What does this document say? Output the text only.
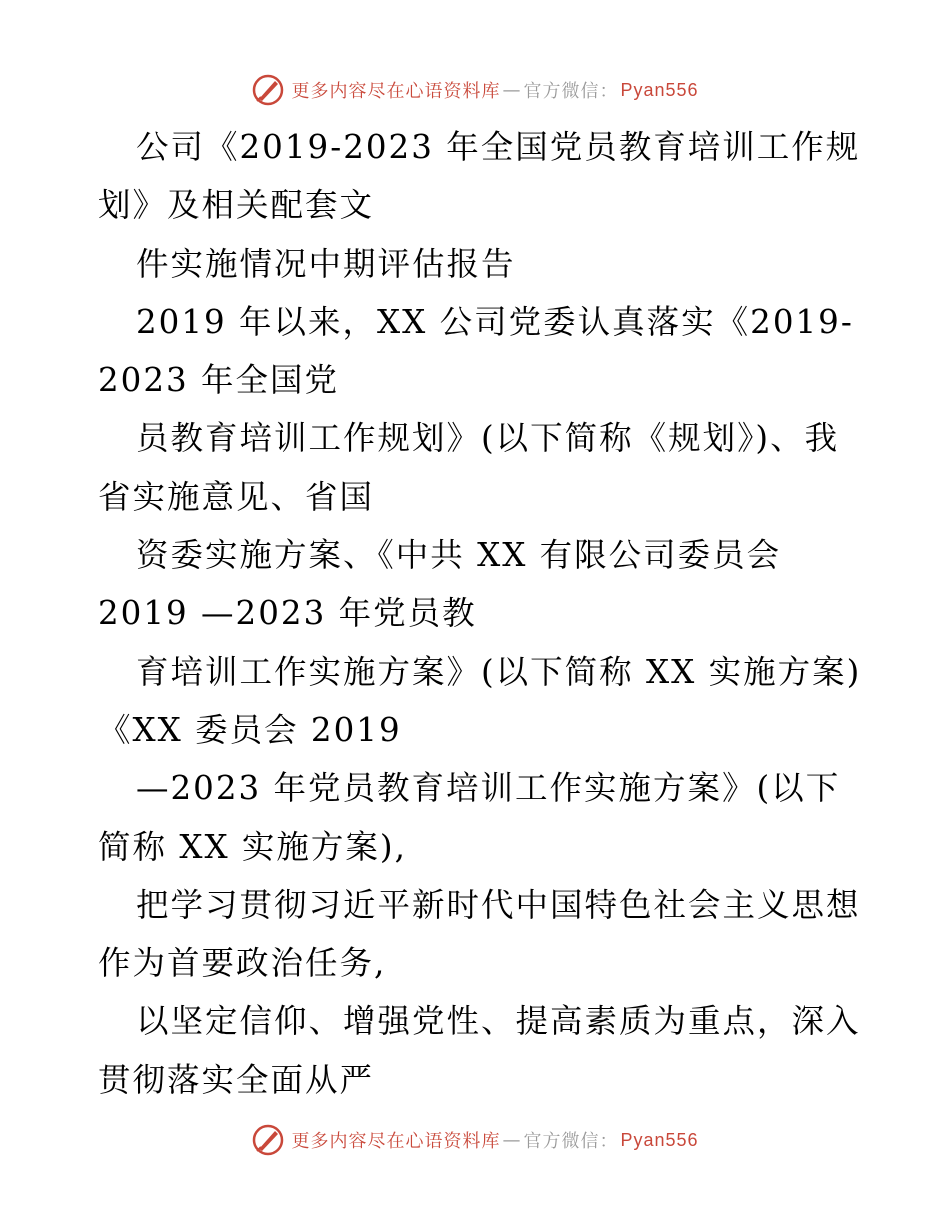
更多内容尽在心语资料库 — 官方微信： Pyan556
公司《2019-2023 年全国党员教育培训工作规
划》及相关配套文
件实施情况中期评估报告
2019 年以来，XX 公司党委认真落实《2019-
2023 年全国党
员教育培训工作规划》(以下简称《规划》)、我
省实施意见、省国
资委实施方案、《中共 XX 有限公司委员会
2019 —2023 年党员教
育培训工作实施方案》(以下简称 XX 实施方案)
《XX 委员会 2019
—2023 年党员教育培训工作实施方案》(以下
简称 XX 实施方案),
把学习贯彻习近平新时代中国特色社会主义思想
作为首要政治任务,
以坚定信仰、增强党性、提高素质为重点，深入
贯彻落实全面从严
更多内容尽在心语资料库 — 官方微信： Pyan556
